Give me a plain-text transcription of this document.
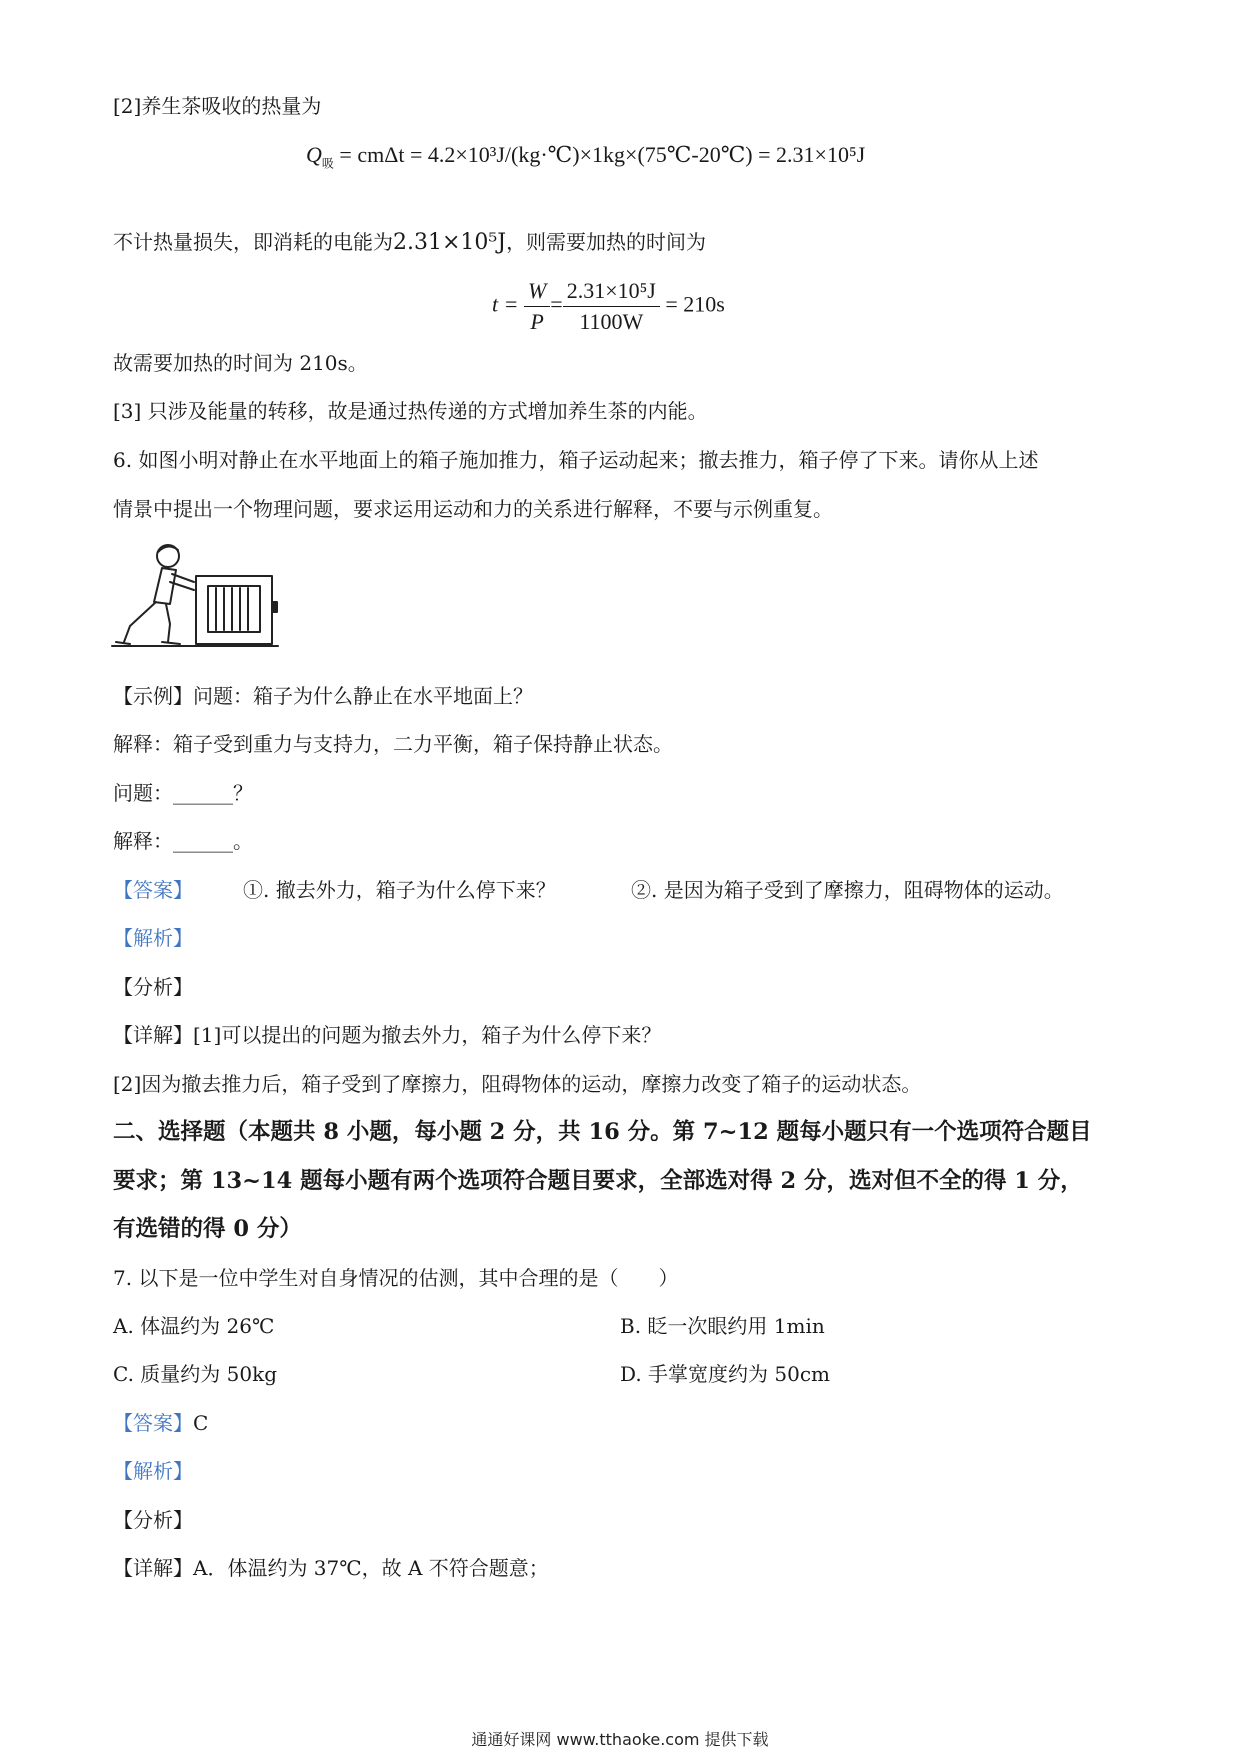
[2]养生茶吸收的热量为
$Q_吸 = cm\Delta t$ = 4.2×10³J/(kg·℃)×1kg×(75℃-20℃) = 2.31×10⁵J
不计热量损失，即消耗的电能为2.31×10⁵J，则需要加热的时间为
$t = \frac{W}{P} = \frac{\text{2.31×10⁵J}}{1100W} = 210s$
故需要加热的时间为 210s。
[3] 只涉及能量的转移，故是通过热传递的方式增加养生茶的内能。
6. 如图小明对静止在水平地面上的箱子施加推力，箱子运动起来；撤去推力，箱子停了下来。请你从上述
情景中提出一个物理问题，要求运用运动和力的关系进行解释，不要与示例重复。
【示例】问题：箱子为什么静止在水平地面上？
解释：箱子受到重力与支持力，二力平衡，箱子保持静止状态。
问题：______？
解释：______。
【答案】	①. 撤去外力，箱子为什么停下来？	②. 是因为箱子受到了摩擦力，阻碍物体的运动。
【解析】
【分析】
【详解】[1]可以提出的问题为撤去外力，箱子为什么停下来？
[2]因为撤去推力后，箱子受到了摩擦力，阻碍物体的运动，摩擦力改变了箱子的运动状态。
二、选择题（本题共 8 小题，每小题 2 分，共 16 分。第 7~12 题每小题只有一个选项符合题目
要求；第 13~14 题每小题有两个选项符合题目要求，全部选对得 2 分，选对但不全的得 1 分，
有选错的得 0 分）
7. 以下是一位中学生对自身情况的估测，其中合理的是（　　）
A. 体温约为 26℃	B. 眨一次眼约用 1min
C. 质量约为 50kg	D. 手掌宽度约为 50cm
【答案】C
【解析】
【分析】
【详解】A．体温约为 37℃，故 A 不符合题意；
通通好课网 www.tthaoke.com 提供下载
